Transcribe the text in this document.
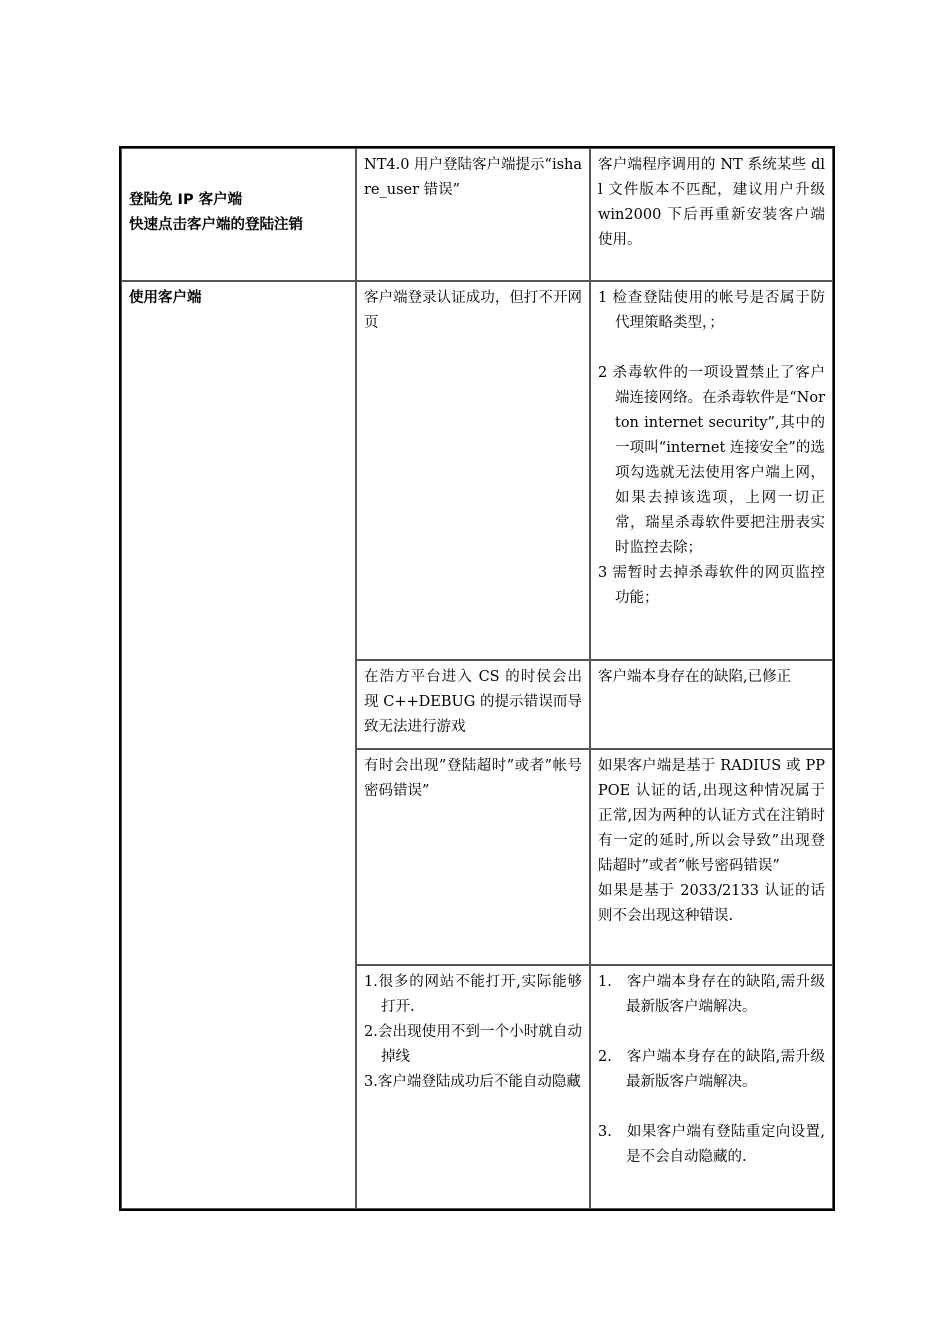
登陆免 IP 客户端
快速点击客户端的登陆注销	NT4.0 用户登陆客户端提示“ishare_user 错误”	客户端程序调用的 NT 系统某些 dll 文件版本不匹配，建议用户升级 win2000 下后再重新安装客户端使用。
使用客户端	客户端登录认证成功，但打不开网页	1 检查登陆使用的帐号是否属于防代理策略类型，；
2 杀毒软件的一项设置禁止了客户端连接网络。在杀毒软件是“Norton internet security”,其中的一项叫“internet 连接安全”的选项勾选就无法使用客户端上网，如果去掉该选项，上网一切正常，瑞星杀毒软件要把注册表实时监控去除；
3 需暂时去掉杀毒软件的网页监控功能；

	在浩方平台进入 CS 的时侯会出现 C++DEBUG 的提示错误而导致无法进行游戏	客户端本身存在的缺陷,已修正
	有时会出现”登陆超时”或者”帐号密码错误”	如果客户端是基于 RADIUS 或 PPPOE 认证的话,出现这种情况属于正常,因为两种的认证方式在注销时有一定的延时,所以会导致”出现登陆超时”或者”帐号密码错误”
如果是基于 2033/2133 认证的话则不会出现这种错误.

	1.很多的网站不能打开,实际能够打开.
2.会出现使用不到一个小时就自动掉线
3.客户端登陆成功后不能自动隐藏	1.   客户端本身存在的缺陷,需升级最新版客户端解决。
2.   客户端本身存在的缺陷,需升级最新版客户端解决。
3.   如果客户端有登陆重定向设置,是不会自动隐藏的.
